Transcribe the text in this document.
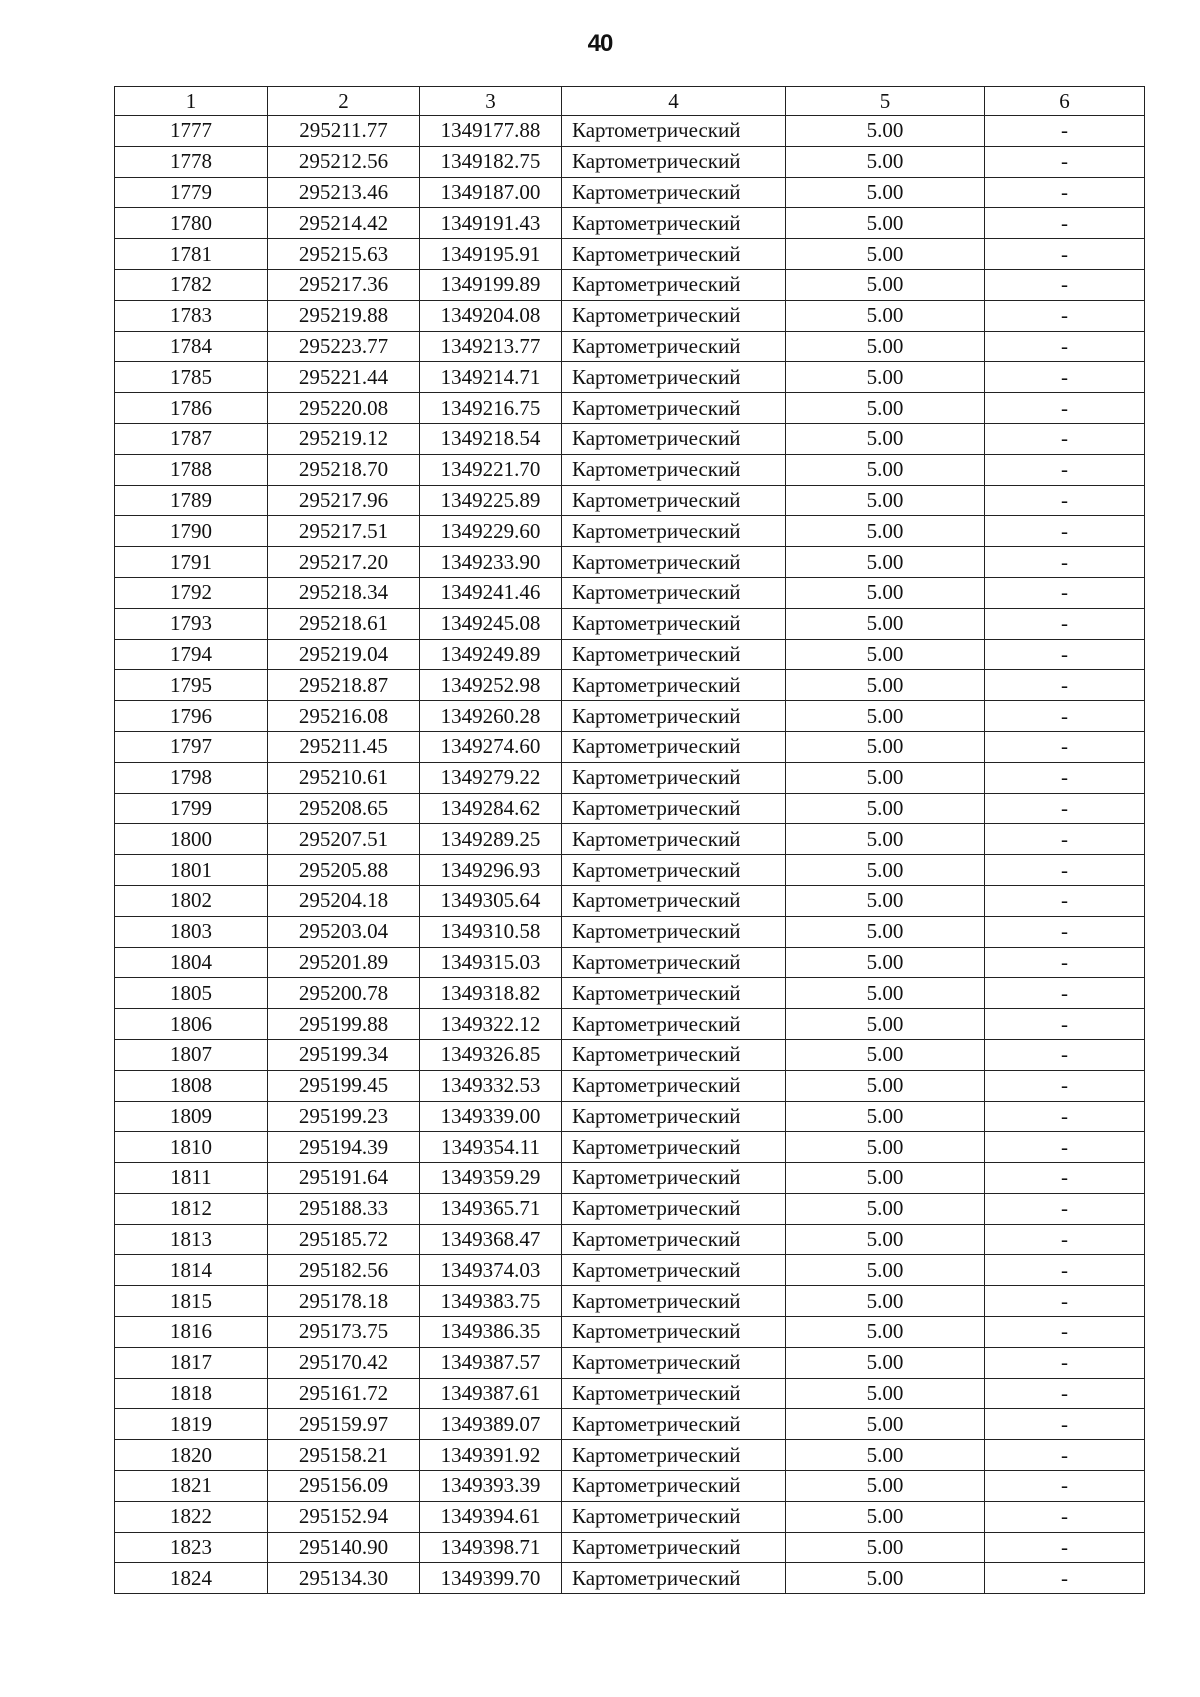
40
1	2	3	4	5	6
1777	295211.77	1349177.88	Картометрический	5.00	-
1778	295212.56	1349182.75	Картометрический	5.00	-
1779	295213.46	1349187.00	Картометрический	5.00	-
1780	295214.42	1349191.43	Картометрический	5.00	-
1781	295215.63	1349195.91	Картометрический	5.00	-
1782	295217.36	1349199.89	Картометрический	5.00	-
1783	295219.88	1349204.08	Картометрический	5.00	-
1784	295223.77	1349213.77	Картометрический	5.00	-
1785	295221.44	1349214.71	Картометрический	5.00	-
1786	295220.08	1349216.75	Картометрический	5.00	-
1787	295219.12	1349218.54	Картометрический	5.00	-
1788	295218.70	1349221.70	Картометрический	5.00	-
1789	295217.96	1349225.89	Картометрический	5.00	-
1790	295217.51	1349229.60	Картометрический	5.00	-
1791	295217.20	1349233.90	Картометрический	5.00	-
1792	295218.34	1349241.46	Картометрический	5.00	-
1793	295218.61	1349245.08	Картометрический	5.00	-
1794	295219.04	1349249.89	Картометрический	5.00	-
1795	295218.87	1349252.98	Картометрический	5.00	-
1796	295216.08	1349260.28	Картометрический	5.00	-
1797	295211.45	1349274.60	Картометрический	5.00	-
1798	295210.61	1349279.22	Картометрический	5.00	-
1799	295208.65	1349284.62	Картометрический	5.00	-
1800	295207.51	1349289.25	Картометрический	5.00	-
1801	295205.88	1349296.93	Картометрический	5.00	-
1802	295204.18	1349305.64	Картометрический	5.00	-
1803	295203.04	1349310.58	Картометрический	5.00	-
1804	295201.89	1349315.03	Картометрический	5.00	-
1805	295200.78	1349318.82	Картометрический	5.00	-
1806	295199.88	1349322.12	Картометрический	5.00	-
1807	295199.34	1349326.85	Картометрический	5.00	-
1808	295199.45	1349332.53	Картометрический	5.00	-
1809	295199.23	1349339.00	Картометрический	5.00	-
1810	295194.39	1349354.11	Картометрический	5.00	-
1811	295191.64	1349359.29	Картометрический	5.00	-
1812	295188.33	1349365.71	Картометрический	5.00	-
1813	295185.72	1349368.47	Картометрический	5.00	-
1814	295182.56	1349374.03	Картометрический	5.00	-
1815	295178.18	1349383.75	Картометрический	5.00	-
1816	295173.75	1349386.35	Картометрический	5.00	-
1817	295170.42	1349387.57	Картометрический	5.00	-
1818	295161.72	1349387.61	Картометрический	5.00	-
1819	295159.97	1349389.07	Картометрический	5.00	-
1820	295158.21	1349391.92	Картометрический	5.00	-
1821	295156.09	1349393.39	Картометрический	5.00	-
1822	295152.94	1349394.61	Картометрический	5.00	-
1823	295140.90	1349398.71	Картометрический	5.00	-
1824	295134.30	1349399.70	Картометрический	5.00	-
